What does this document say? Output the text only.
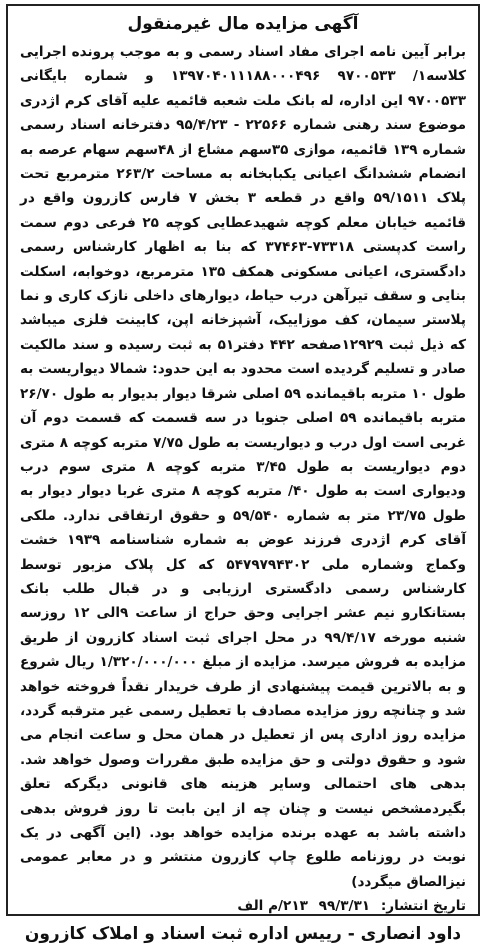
آگهی مزایده مال غیرمنقول

برابر آیین نامه اجرای مفاد اسناد رسمی و به موجب پرونده اجرایی کلاسه۱/ ۹۷۰۰۵۳۳ ۱۳۹۷۰۴۰۱۱۱۸۸۰۰۰۴۹۶ و شماره بایگانی ۹۷۰۰۵۳۳ این اداره، له بانک ملت شعبه قائمیه علیه آقای کرم اژدری موضوع سند رهنی شماره ۲۲۵۶۶ - ۹۵/۴/۲۳ دفترخانه اسناد رسمی شماره ۱۳۹ قائمیه، موازی ۳۵سهم مشاع از ۴۸سهم سهام عرصه به انضمام ششدانگ اعیانی یکبابخانه به مساحت ۲۶۳/۲ مترمربع تحت پلاک ۵۹/۱۵۱۱ واقع در قطعه ۳ بخش ۷ فارس کازرون واقع در قائمیه خیابان معلم کوچه شهیدعطایی کوچه ۲۵ فرعی دوم سمت راست کدپستی ۷۳۳۱۸-۳۷۴۶۳ که بنا به اظهار کارشناس رسمی دادگستری، اعیانی مسکونی همکف ۱۳۵ مترمربع، دوخوابه، اسکلت بنایی و سقف تیرآهن درب حیاط، دیوارهای داخلی نازک کاری و نما پلاستر سیمان، کف موزاییک، آشپزخانه اپن، کابینت فلزی میباشد که ذیل ثبت ۱۲۹۲۹صفحه ۴۴۲ دفتر۵۱ به ثبت رسیده و سند مالکیت صادر و تسلیم گردیده است محدود به این حدود: شمالا دیواریست به طول ۱۰ متربه باقیمانده ۵۹ اصلی شرقا دیوار بدیوار به طول ۲۶/۷۰ متربه باقیمانده ۵۹ اصلی جنوبا در سه قسمت که قسمت دوم آن غربی است اول درب و دیواریست به طول ۷/۷۵ متربه کوچه ۸ متری دوم دیواریست به طول ۳/۴۵ متربه کوچه ۸ متری سوم درب ودیواری است به طول ۴۰/ متربه کوچه ۸ متری غربا دیوار دیوار به طول ۲۳/۷۵ متر به شماره ۵۹/۵۴۰ و حقوق ارتفاقی ندارد. ملکی آقای کرم اژدری فرزند عوض به شماره شناسنامه ۱۹۳۹ خشت وکماج وشماره ملی ۵۴۷۹۷۹۴۳۰۲ که کل پلاک مزبور توسط کارشناس رسمی دادگستری ارزیابی و در قبال طلب بانک بستانکارو نیم عشر اجرایی وحق حراج از ساعت ۹الی ۱۲ روزسه شنبه مورخه ۹۹/۴/۱۷ در محل اجرای ثبت اسناد کازرون از طریق مزایده به فروش میرسد. مزایده از مبلغ ۱/۳۲۰/۰۰۰/۰۰۰ ریال شروع و به بالاترین قیمت پیشنهادی از طرف خریدار نقداً فروخته خواهد شد و چنانچه روز مزایده مصادف با تعطیل رسمی غیر مترقبه گردد، مزایده روز اداری پس از تعطیل در همان محل و ساعت انجام می شود و حقوق دولتی و حق مزایده طبق مقررات وصول خواهد شد. بدهی های احتمالی وسایر هزینه های قانونی دیگرکه تعلق بگیردمشخص نیست و چنان چه از این بابت تا روز فروش بدهی داشته باشد به عهده برنده مزایده خواهد بود. (این آگهی در یک نوبت در روزنامه طلوع چاپ کازرون منتشر و در معابر عمومی نیزالصاق میگردد)

تاریخ انتشار: ۹۹/۳/۳۱ ۲۱۳/م الف

داود انصاری - رییس اداره ثبت اسناد و املاک کازرون
